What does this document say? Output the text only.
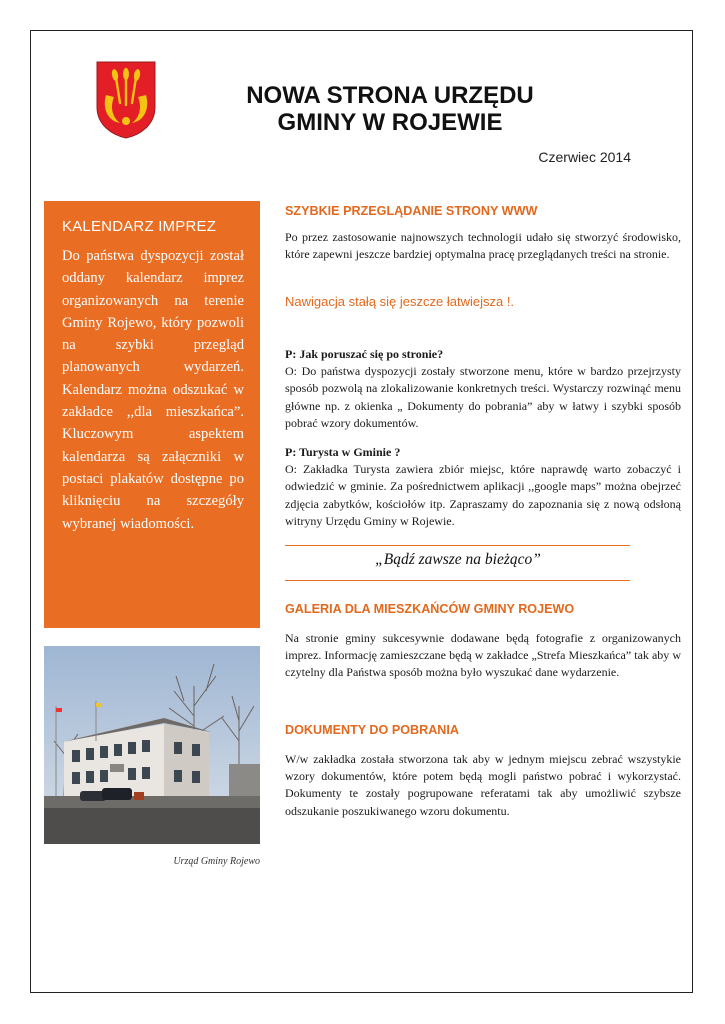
NOWA STRONA URZĘDU
GMINY W ROJEWIE
Czerwiec 2014
KALENDARZ IMPREZ

Do państwa dyspozycji został oddany kalendarz imprez organizowanych na terenie Gminy Rojewo, który pozwoli na szybki przegląd planowanych wydarzeń. Kalendarz można odszukać w zakładce ,,dla mieszkańca”. Kluczowym aspektem kalendarza są załączniki w postaci plakatów dostępne po kliknięciu na szczegóły wybranej wiadomości.

Urząd Gminy Rojewo
SZYBKIE PRZEGLĄDANIE STRONY WWW

Po przez zastosowanie najnowszych technologii udało się stworzyć środowisko, które zapewni jeszcze bardziej optymalna pracę przeglądanych treści na stronie.

Nawigacja stałą się jeszcze łatwiejsza !.

P: Jak poruszać się po stronie?

O: Do państwa dyspozycji zostały stworzone menu, które w bardzo przejrzysty sposób pozwolą na zlokalizowanie konkretnych treści. Wystarczy rozwinąć menu główne np. z okienka „ Dokumenty do pobrania” aby w łatwy i szybki sposób pobrać wzory dokumentów.

P: Turysta w Gminie ?

O: Zakładka Turysta zawiera zbiór miejsc, które naprawdę warto zobaczyć i odwiedzić w gminie. Za pośrednictwem aplikacji ,,google maps” można obejrzeć zdjęcia zabytków, kościołów itp. Zapraszamy do zapoznania się z nową odsłoną witryny Urzędu Gminy w Rojewie.

„Bądź zawsze na bieżąco”
GALERIA DLA MIESZKAŃCÓW GMINY ROJEWO

Na stronie gminy sukcesywnie dodawane będą fotografie z organizowanych imprez. Informację zamieszczane będą w zakładce „Strefa Mieszkańca” tak aby w czytelny dla Państwa sposób można było wyszukać dane wydarzenie.

DOKUMENTY DO POBRANIA

W/w zakładka została stworzona tak aby w jednym miejscu zebrać wszystykie wzory dokumentów, które potem będą mogli państwo pobrać i wykorzystać. Dokumenty te zostały pogrupowane referatami tak aby umożliwić szybsze odszukanie poszukiwanego wzoru dokumentu.
